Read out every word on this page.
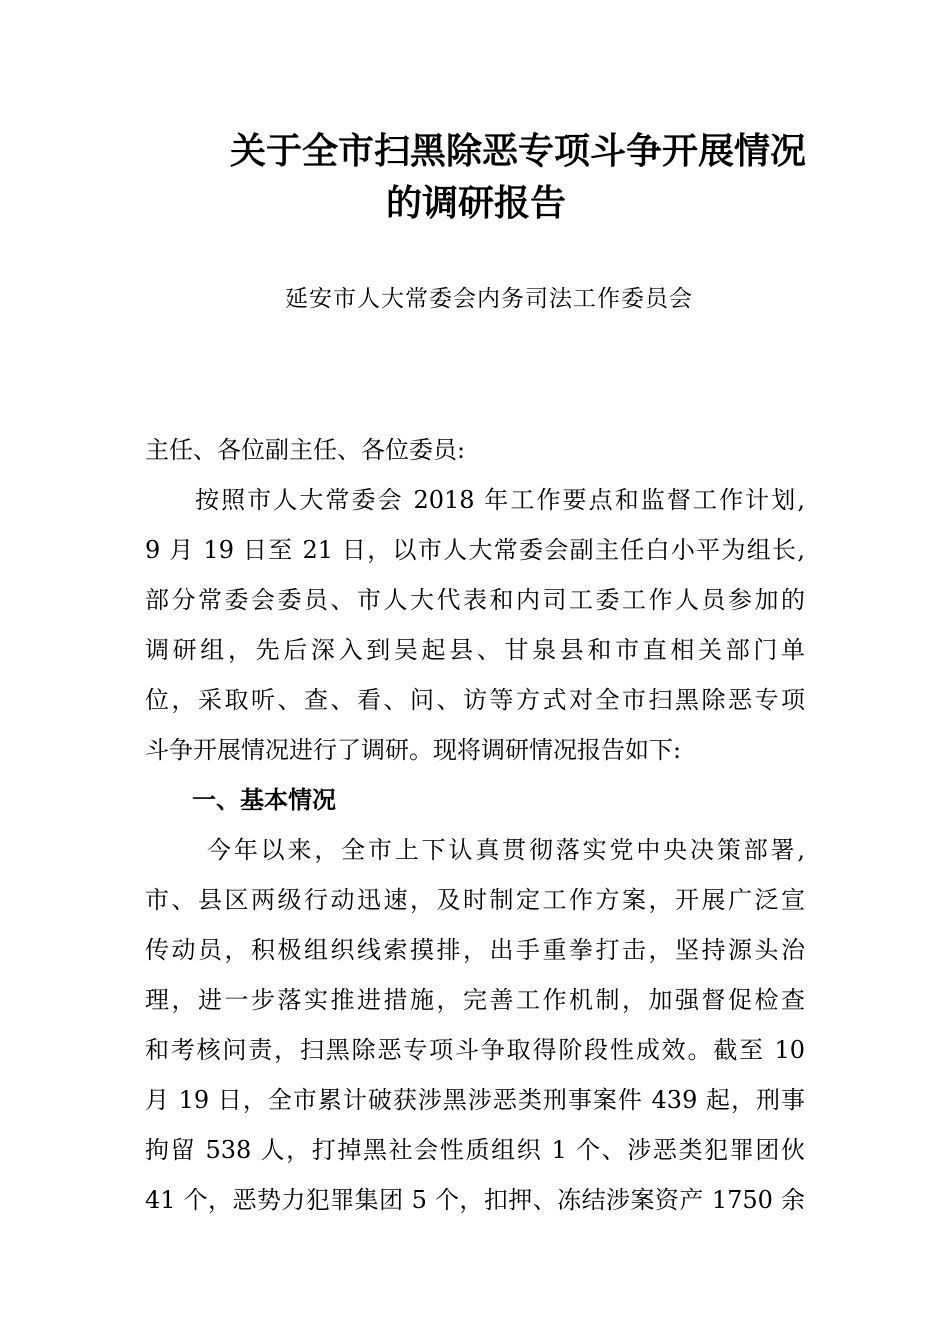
关于全市扫黑除恶专项斗争开展情况
的调研报告
延安市人大常委会内务司法工作委员会
主任、各位副主任、各位委员:
按照市人大常委会 2018 年工作要点和监督工作计划,
9 月 19 日至 21 日，以市人大常委会副主任白小平为组长,
部分常委会委员、市人大代表和内司工委工作人员参加的
调研组，先后深入到吴起县、甘泉县和市直相关部门单
位，采取听、查、看、问、访等方式对全市扫黑除恶专项
斗争开展情况进行了调研。现将调研情况报告如下:
一、基本情况
今年以来，全市上下认真贯彻落实党中央决策部署,
市、县区两级行动迅速，及时制定工作方案，开展广泛宣
传动员，积极组织线索摸排，出手重拳打击，坚持源头治
理，进一步落实推进措施，完善工作机制，加强督促检查
和考核问责，扫黑除恶专项斗争取得阶段性成效。截至 10
月 19 日，全市累计破获涉黑涉恶类刑事案件 439 起，刑事
拘留 538 人，打掉黑社会性质组织 1 个、涉恶类犯罪团伙
41 个，恶势力犯罪集团 5 个，扣押、冻结涉案资产 1750 余
